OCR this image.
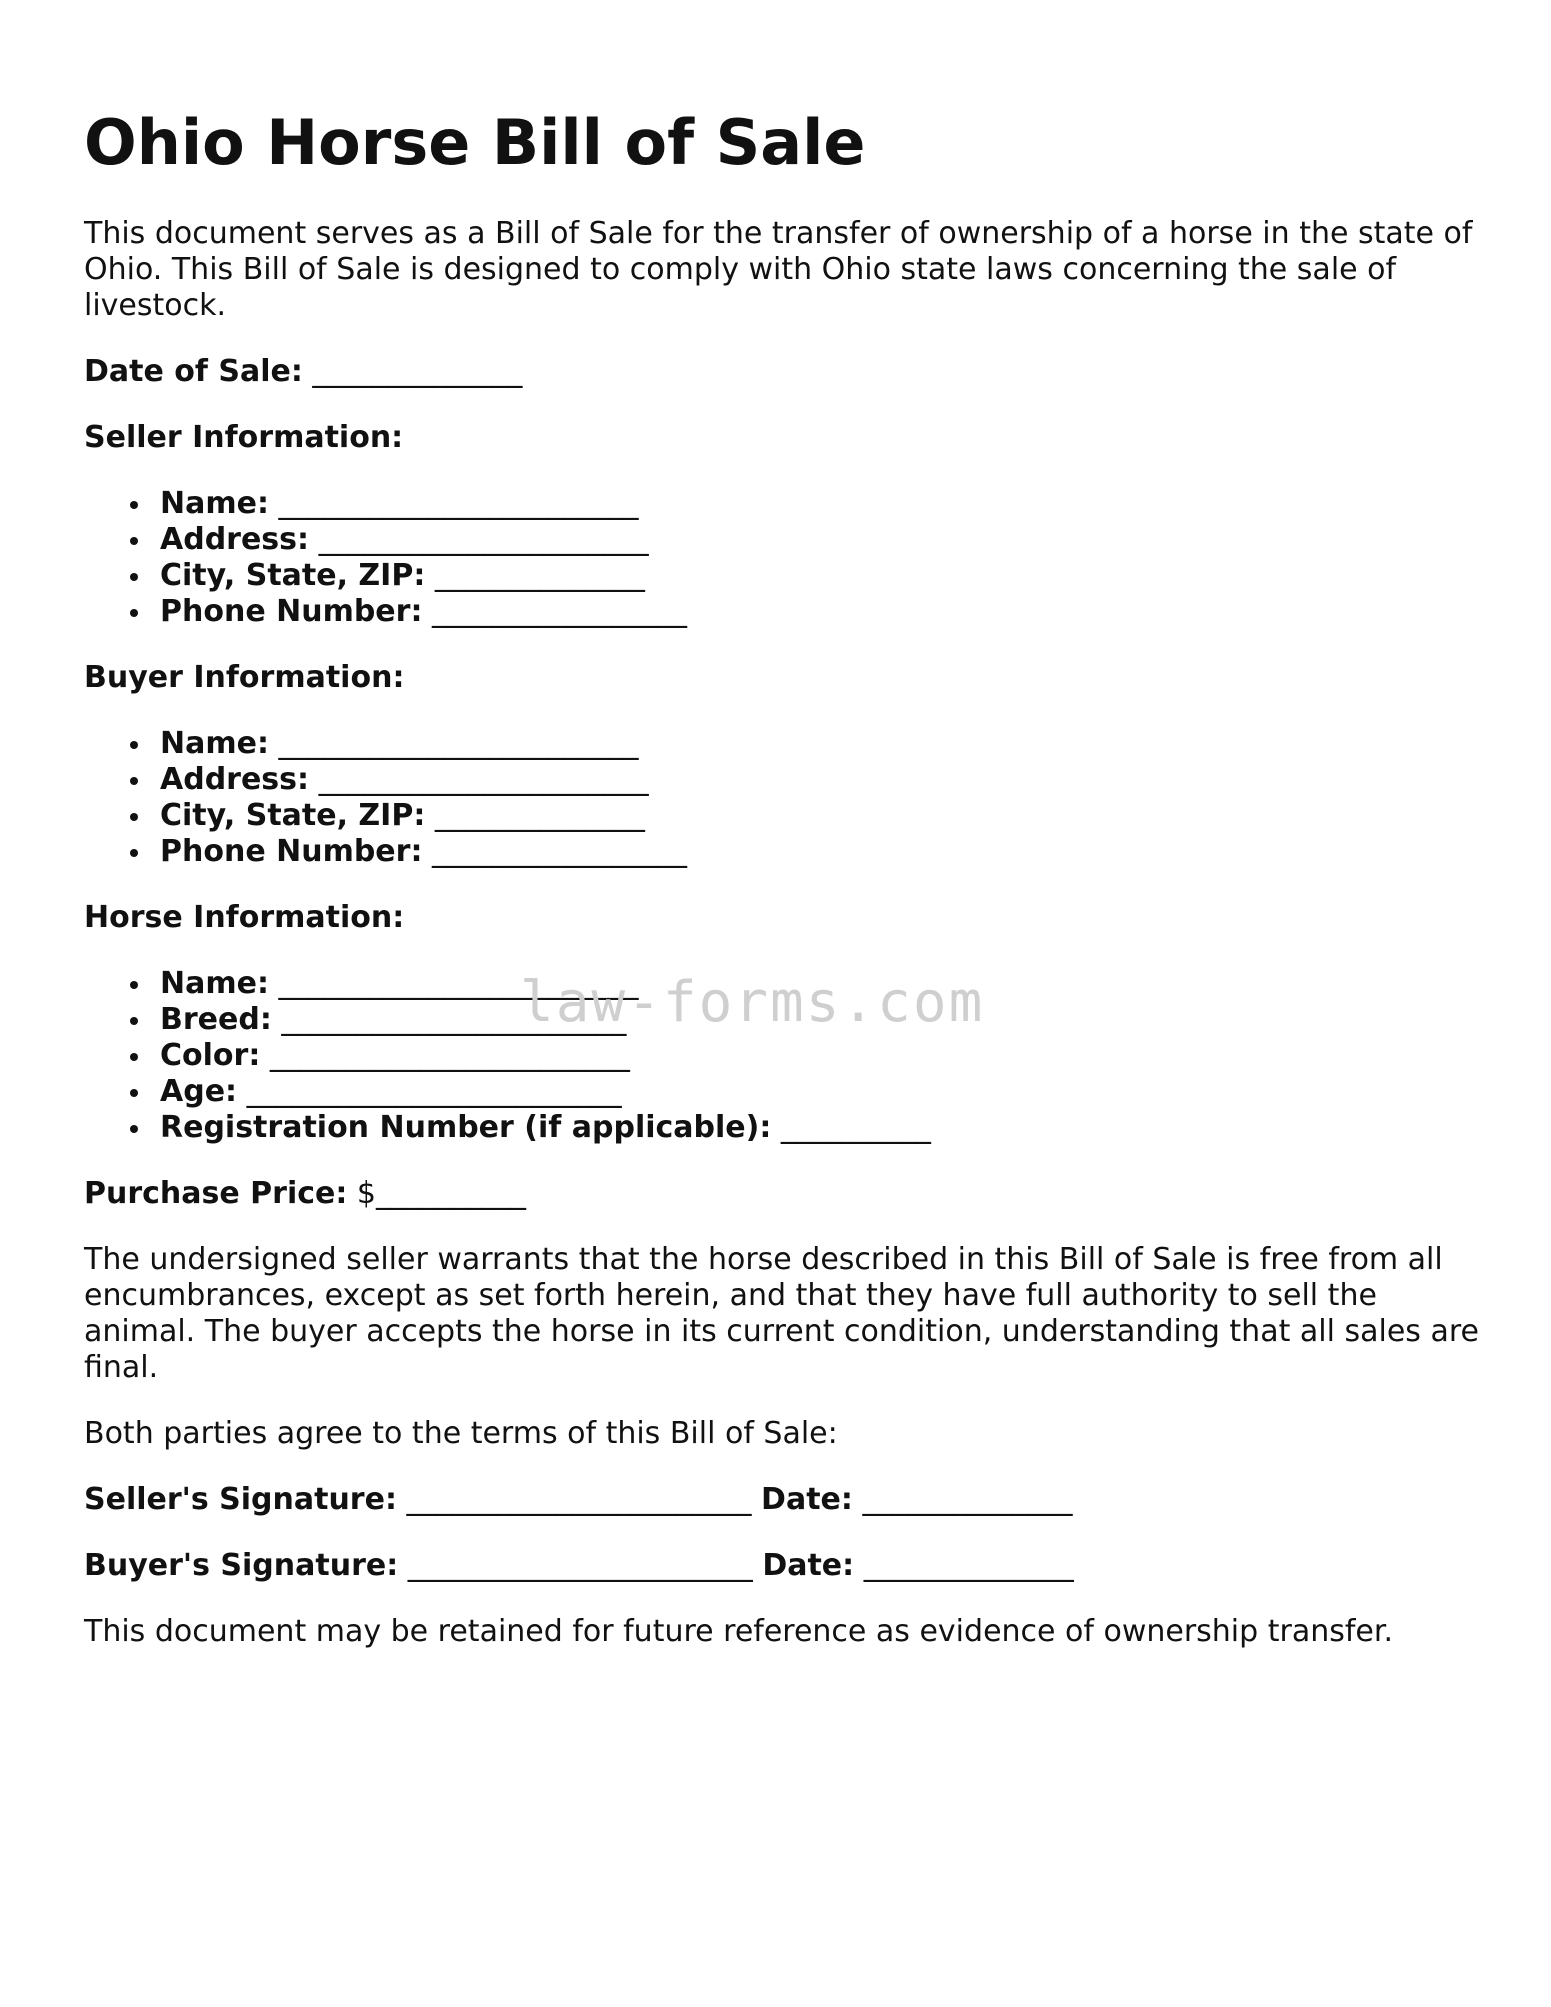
Ohio Horse Bill of Sale

This document serves as a Bill of Sale for the transfer of ownership of a horse in the state of Ohio. This Bill of Sale is designed to comply with Ohio state laws concerning the sale of livestock.

Date of Sale: ______________
Seller Information:
Name: ________________________
Address: ______________________
City, State, ZIP: ______________
Phone Number: _________________
Buyer Information:
Name: ________________________
Address: ______________________
City, State, ZIP: ______________
Phone Number: _________________
Horse Information:
Name: ________________________
Breed: _______________________
Color: ________________________
Age: _________________________
Registration Number (if applicable): __________
Purchase Price: $__________

The undersigned seller warrants that the horse described in this Bill of Sale is free from all encumbrances, except as set forth herein, and that they have full authority to sell the animal. The buyer accepts the horse in its current condition, understanding that all sales are final.

Both parties agree to the terms of this Bill of Sale:

Seller's Signature: _______________________ Date: ______________
Buyer's Signature: _______________________ Date: ______________

This document may be retained for future reference as evidence of ownership transfer.

law-forms.com
